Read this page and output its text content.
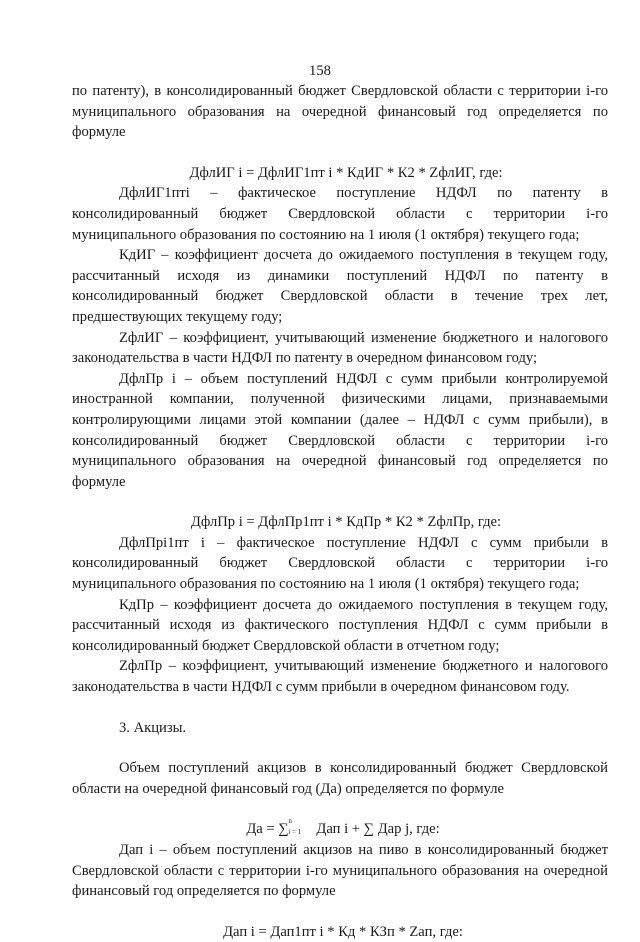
158

по патенту), в консолидированный бюджет Свердловской области с территории i-го муниципального образования на очередной финансовый год определяется по формуле

ДфлИГ i = ДфлИГ1пт i * КдИГ * К2 * ZфлИГ, где:

ДфлИГ1птi – фактическое поступление НДФЛ по патенту в консолидированный бюджет Свердловской области с территории i-го муниципального образования по состоянию на 1 июля (1 октября) текущего года;

КдИГ – коэффициент досчета до ожидаемого поступления в текущем году, рассчитанный исходя из динамики поступлений НДФЛ по патенту в консолидированный бюджет Свердловской области в течение трех лет, предшествующих текущему году;

ZфлИГ – коэффициент, учитывающий изменение бюджетного и налогового законодательства в части НДФЛ по патенту в очередном финансовом году;

ДфлПр i – объем поступлений НДФЛ с сумм прибыли контролируемой иностранной компании, полученной физическими лицами, признаваемыми контролирующими лицами этой компании (далее – НДФЛ с сумм прибыли), в консолидированный бюджет Свердловской области с территории i-го муниципального образования на очередной финансовый год определяется по формуле

ДфлПр i = ДфлПр1пт i * КдПр * К2 * ZфлПр, где:

ДфлПрi1пт i – фактическое поступление НДФЛ с сумм прибыли в консолидированный бюджет Свердловской области с территории i-го муниципального образования по состоянию на 1 июля (1 октября) текущего года;

КдПр – коэффициент досчета до ожидаемого поступления в текущем году, рассчитанный исходя из фактического поступления НДФЛ с сумм прибыли в консолидированный бюджет Свердловской области в отчетном году;

ZфлПр – коэффициент, учитывающий изменение бюджетного и налогового законодательства в части НДФЛ с сумм прибыли в очередном финансовом году.

3. Акцизы.

Объем поступлений акцизов в консолидированный бюджет Свердловской области на очередной финансовый год (Да) определяется по формуле

Да = ∑ n
i = 1 Дап i + ∑ Дар j, где:

Дап i – объем поступлений акцизов на пиво в консолидированный бюджет Свердловской области с территории i-го муниципального образования на очередной финансовый год определяется по формуле

Дап i = Дап1пт i * Кд * КЗп * Zап, где:
